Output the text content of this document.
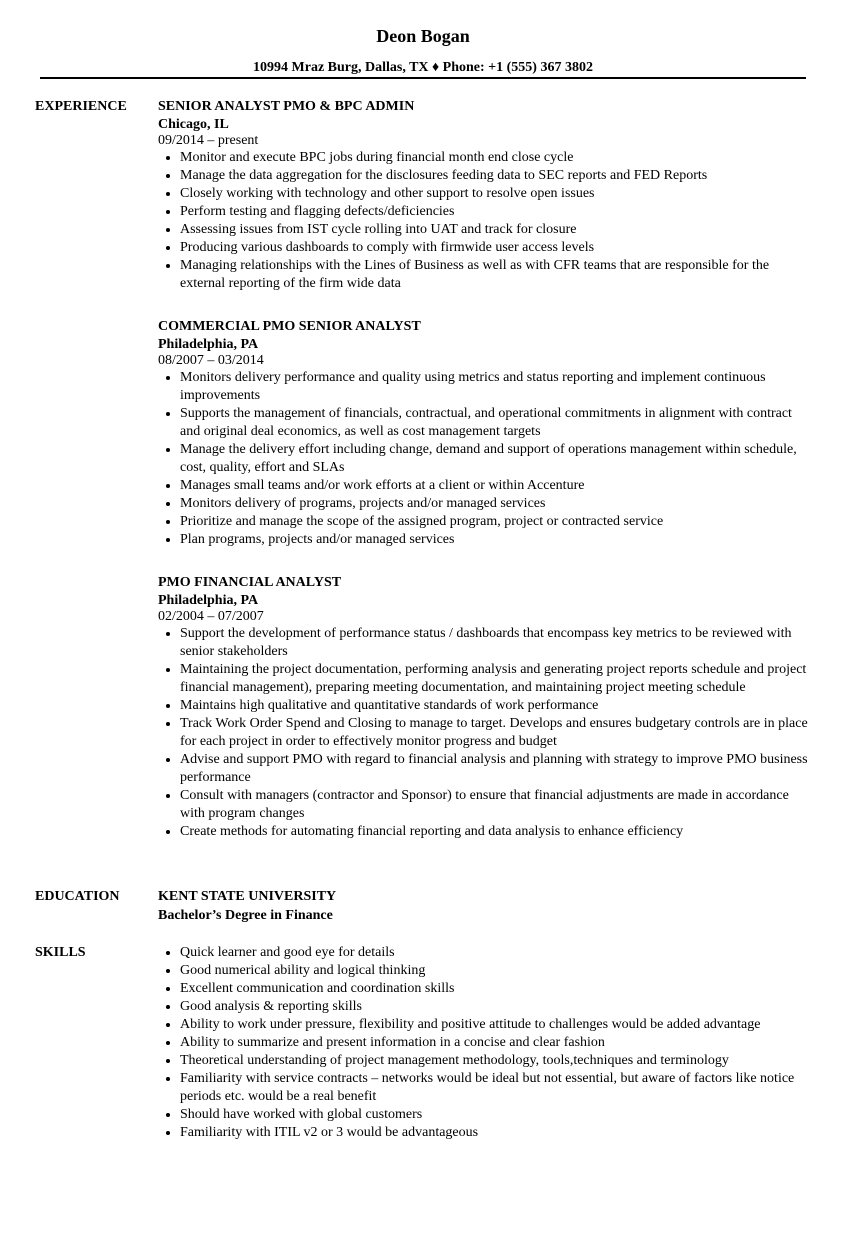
Deon Bogan
10994 Mraz Burg, Dallas, TX ♦ Phone: +1 (555) 367 3802
EXPERIENCE SENIOR ANALYST PMO & BPC ADMIN
Chicago, IL
09/2014 – present
• Monitor and execute BPC jobs during financial month end close cycle
• Manage the data aggregation for the disclosures feeding data to SEC reports and FED Reports
• Closely working with technology and other support to resolve open issues
• Perform testing and flagging defects/deficiencies
• Assessing issues from IST cycle rolling into UAT and track for closure
• Producing various dashboards to comply with firmwide user access levels
• Managing relationships with the Lines of Business as well as with CFR teams that are responsible for the external reporting of the firm wide data
COMMERCIAL PMO SENIOR ANALYST
Philadelphia, PA
08/2007 – 03/2014
• Monitors delivery performance and quality using metrics and status reporting and implement continuous improvements
• Supports the management of financials, contractual, and operational commitments in alignment with contract and original deal economics, as well as cost management targets
• Manage the delivery effort including change, demand and support of operations management within schedule, cost, quality, effort and SLAs
• Manages small teams and/or work efforts at a client or within Accenture
• Monitors delivery of programs, projects and/or managed services
• Prioritize and manage the scope of the assigned program, project or contracted service
• Plan programs, projects and/or managed services
PMO FINANCIAL ANALYST
Philadelphia, PA
02/2004 – 07/2007
• Support the development of performance status / dashboards that encompass key metrics to be reviewed with senior stakeholders
• Maintaining the project documentation, performing analysis and generating project reports schedule and project financial management), preparing meeting documentation, and maintaining project meeting schedule
• Maintains high qualitative and quantitative standards of work performance
• Track Work Order Spend and Closing to manage to target. Develops and ensures budgetary controls are in place for each project in order to effectively monitor progress and budget
• Advise and support PMO with regard to financial analysis and planning with strategy to improve PMO business performance
• Consult with managers (contractor and Sponsor) to ensure that financial adjustments are made in accordance with program changes
• Create methods for automating financial reporting and data analysis to enhance efficiency
EDUCATION	KENT STATE UNIVERSITY
Bachelor’s Degree in Finance
SKILLS
•	Quick learner and good eye for details
• Good numerical ability and logical thinking
• Excellent communication and coordination skills
• Good analysis & reporting skills
• Ability to work under pressure, flexibility and positive attitude to challenges would be added advantage
• Ability to summarize and present information in a concise and clear fashion
• Theoretical understanding of project management methodology, tools,techniques and terminology
• Familiarity with service contracts – networks would be ideal but not essential, but aware of factors like notice periods etc. would be a real benefit
• Should have worked with global customers
• Familiarity with ITIL v2 or 3 would be advantageous
